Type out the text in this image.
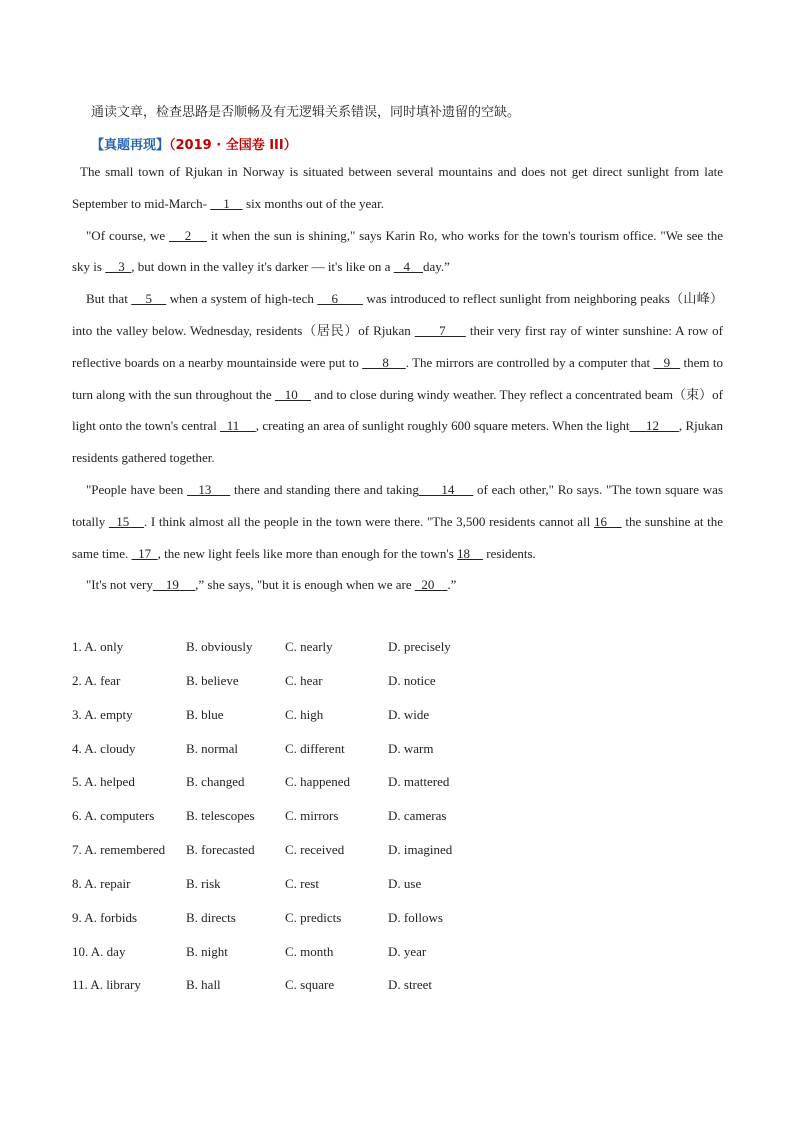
通读文章，检查思路是否顺畅及有无逻辑关系错误，同时填补遗留的空缺。
【真题再现】（2019 · 全国卷 III）

The small town of Rjukan in Norway is situated between several mountains and does not get direct sunlight from late September to mid-March-     1     six months out of the year.

"Of course, we     2     it when the sun is shining," says Karin Ro, who works for the town's tourism office. "We see the sky is     3  , but down in the valley it's darker — it's like on a    4    day.”

But that     5     when a system of high-tech     6        was introduced to reflect sunlight from neighboring peaks（山峰）into the valley below. Wednesday, residents（居民）of Rjukan       7      their very first ray of winter sunshine: A row of reflective boards on a nearby mountainside were put to       8     . The mirrors are controlled by a computer that    9    them to turn along with the sun throughout the    10     and to close during windy weather. They reflect a concentrated beam（束）of light onto the town's central   11     , creating an area of sunlight roughly 600 square meters. When the light     12      , Rjukan residents gathered together.

"People have been    13      there and standing there and taking      14      of each other," Ro says. "The town square was totally   15    . I think almost all the people in the town were there. "The 3,500 residents cannot all 16     the sunshine at the same time.   17  , the new light feels like more than enough for the town's 18     residents.

"It's not very    19     ,” she says, "but it is enough when we are   20    .”

1. A. only	B. obviously	C. nearly	D. precisely
2. A. fear	B. believe	C. hear	D. notice
3. A. empty	B. blue	C. high	D. wide
4. A. cloudy	B. normal	C. different	D. warm
5. A. helped	B. changed	C. happened	D. mattered
6. A. computers B. telescopes C. mirrors	D. cameras
7. A. remembered B. forecasted C. received	D. imagined
8. A. repair	B. risk	C. rest	D. use
9. A. forbids	B. directs	C. predicts	D. follows
10. A. day	B. night	C. month	D. year
11. A. library	B. hall	C. square	D. street
